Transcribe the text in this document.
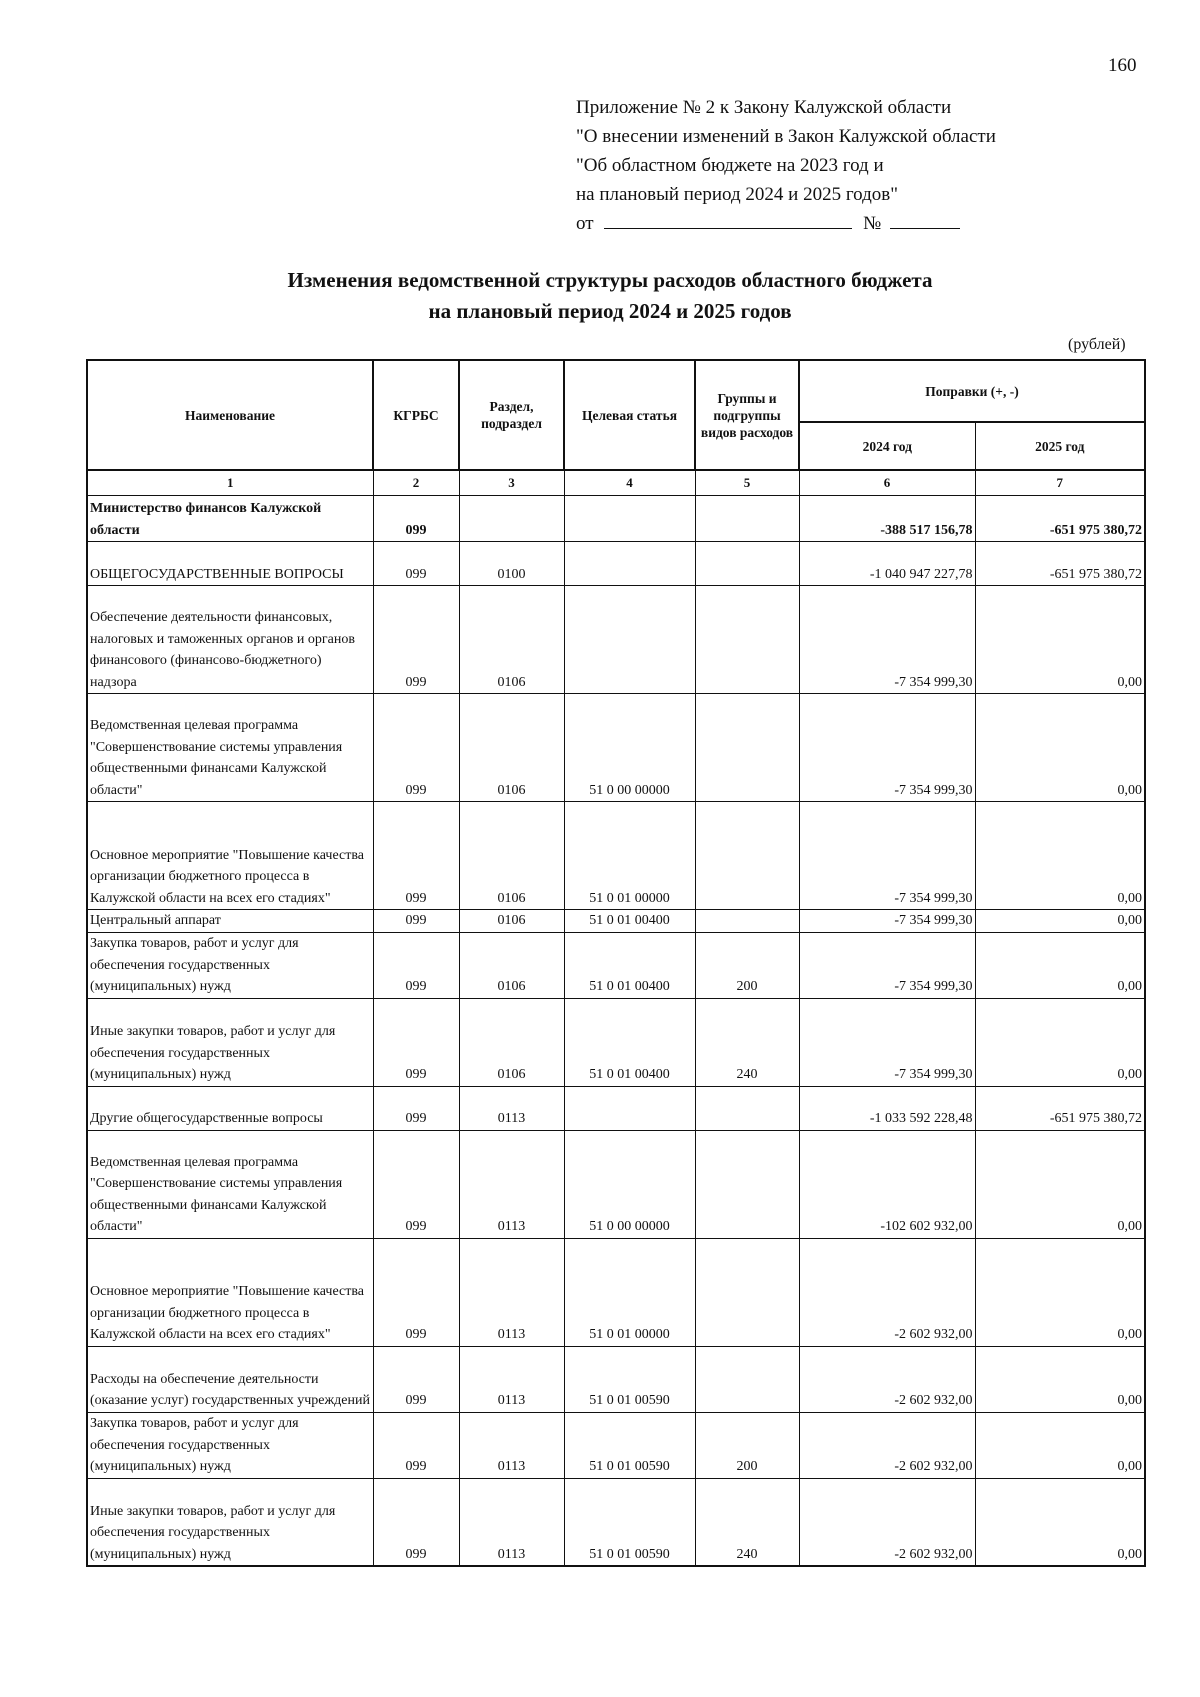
160
Приложение № 2 к Закону Калужской области
"О внесении изменений в Закон Калужской области
"Об областном бюджете на 2023 год и
на плановый период 2024 и 2025 годов"
от	№
Изменения ведомственной структуры расходов областного бюджета
на плановый период 2024 и 2025 годов
(рублей)
Наименование	КГРБС	Раздел, подраздел	Целевая статья	Группы и подгруппы видов расходов	Поправки (+, -)	
					2024 год	2025 год
1	2	3	4	5	6	7
Министерство финансов Калужской области	099				-388 517 156,78	-651 975 380,72
ОБЩЕГОСУДАРСТВЕННЫЕ ВОПРОСЫ	099	0100			-1 040 947 227,78	-651 975 380,72
Обеспечение деятельности финансовых, налоговых и таможенных органов и органов финансового (финансово-бюджетного) надзора	099	0106			-7 354 999,30	0,00
Ведомственная целевая программа "Совершенствование системы управления общественными финансами Калужской области"	099	0106	51 0 00 00000		-7 354 999,30	0,00
Основное мероприятие "Повышение качества организации бюджетного процесса в Калужской области на всех его стадиях"	099	0106	51 0 01 00000		-7 354 999,30	0,00
Центральный аппарат	099	0106	51 0 01 00400		-7 354 999,30	0,00
Закупка товаров, работ и услуг для обеспечения государственных (муниципальных) нужд	099	0106	51 0 01 00400	200	-7 354 999,30	0,00
Иные закупки товаров, работ и услуг для обеспечения государственных (муниципальных) нужд	099	0106	51 0 01 00400	240	-7 354 999,30	0,00
Другие общегосударственные вопросы	099	0113			-1 033 592 228,48	-651 975 380,72
Ведомственная целевая программа "Совершенствование системы управления общественными финансами Калужской области"	099	0113	51 0 00 00000		-102 602 932,00	0,00
Основное мероприятие "Повышение качества организации бюджетного процесса в Калужской области на всех его стадиях"	099	0113	51 0 01 00000		-2 602 932,00	0,00
Расходы на обеспечение деятельности (оказание услуг) государственных учреждений	099	0113	51 0 01 00590		-2 602 932,00	0,00
Закупка товаров, работ и услуг для обеспечения государственных (муниципальных) нужд	099	0113	51 0 01 00590	200	-2 602 932,00	0,00
Иные закупки товаров, работ и услуг для обеспечения государственных (муниципальных) нужд	099	0113	51 0 01 00590	240	-2 602 932,00	0,00
